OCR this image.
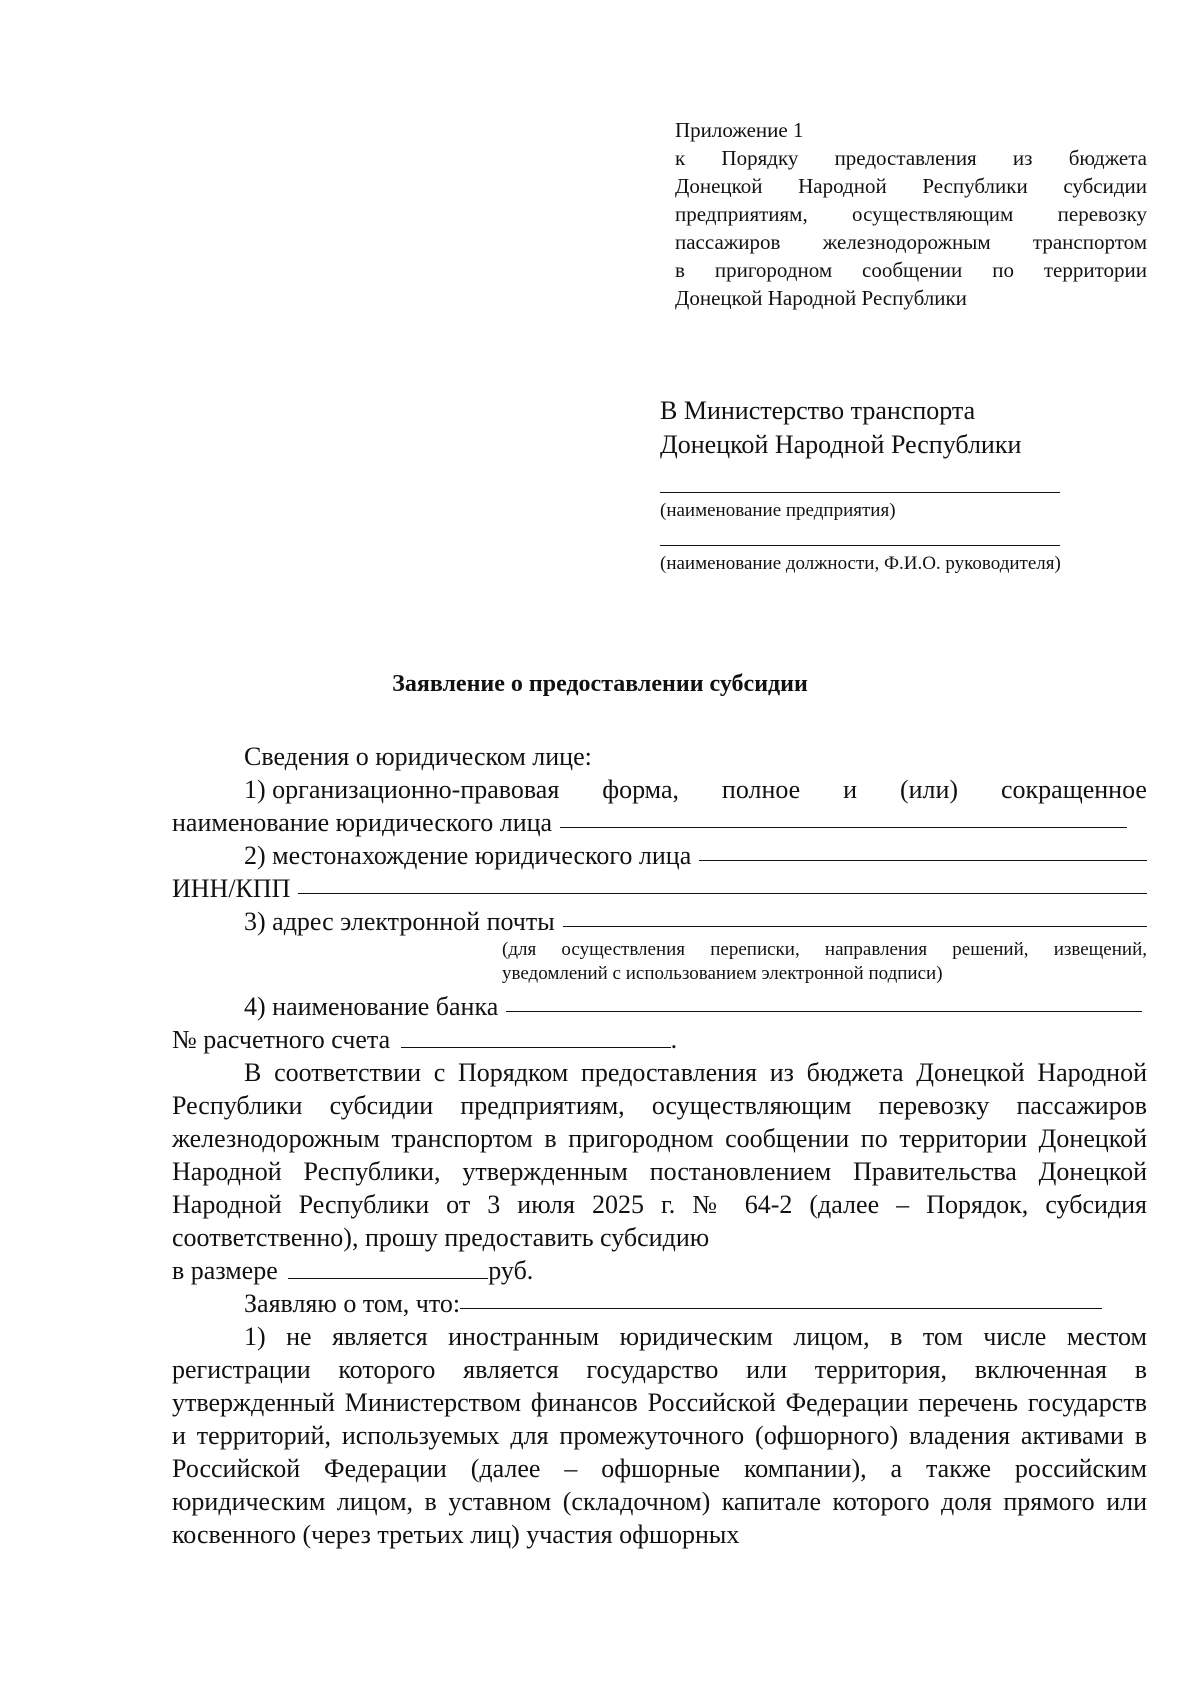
Приложение 1
к Порядку предоставления из бюджета
Донецкой Народной Республики субсидии
предприятиям, осуществляющим перевозку
пассажиров железнодорожным транспортом
в пригородном сообщении по территории
Донецкой Народной Республики
В Министерство транспорта
Донецкой Народной Республики
(наименование предприятия)
(наименование должности, Ф.И.О. руководителя)
Заявление о предоставлении субсидии

Сведения о юридическом лице:

1) организационно-правовая форма, полное и (или) сокращенное
наименование юридического лица
2) местонахождение юридического лица
ИНН/КПП
3) адрес электронной почты
(для осуществления переписки, направления решений, извещений, уведомлений с использованием электронной подписи)
4) наименование банка

№ расчетного счета	.

В соответствии с Порядком предоставления из бюджета Донецкой Народной Республики субсидии предприятиям, осуществляющим перевозку пассажиров железнодорожным транспортом в пригородном сообщении по территории Донецкой Народной Республики, утвержденным постановлением Правительства Донецкой Народной Республики от 3 июля 2025 г. № 64-2 (далее – Порядок, субсидия соответственно), прошу предоставить субсидию

в размере	руб.

Заявляю о том, что:

1) не является иностранным юридическим лицом, в том числе местом регистрации которого является государство или территория, включенная в утвержденный Министерством финансов Российской Федерации перечень государств и территорий, используемых для промежуточного (офшорного) владения активами в Российской Федерации (далее – офшорные компании), а также российским юридическим лицом, в уставном (складочном) капитале которого доля прямого или косвенного (через третьих лиц) участия офшорных
